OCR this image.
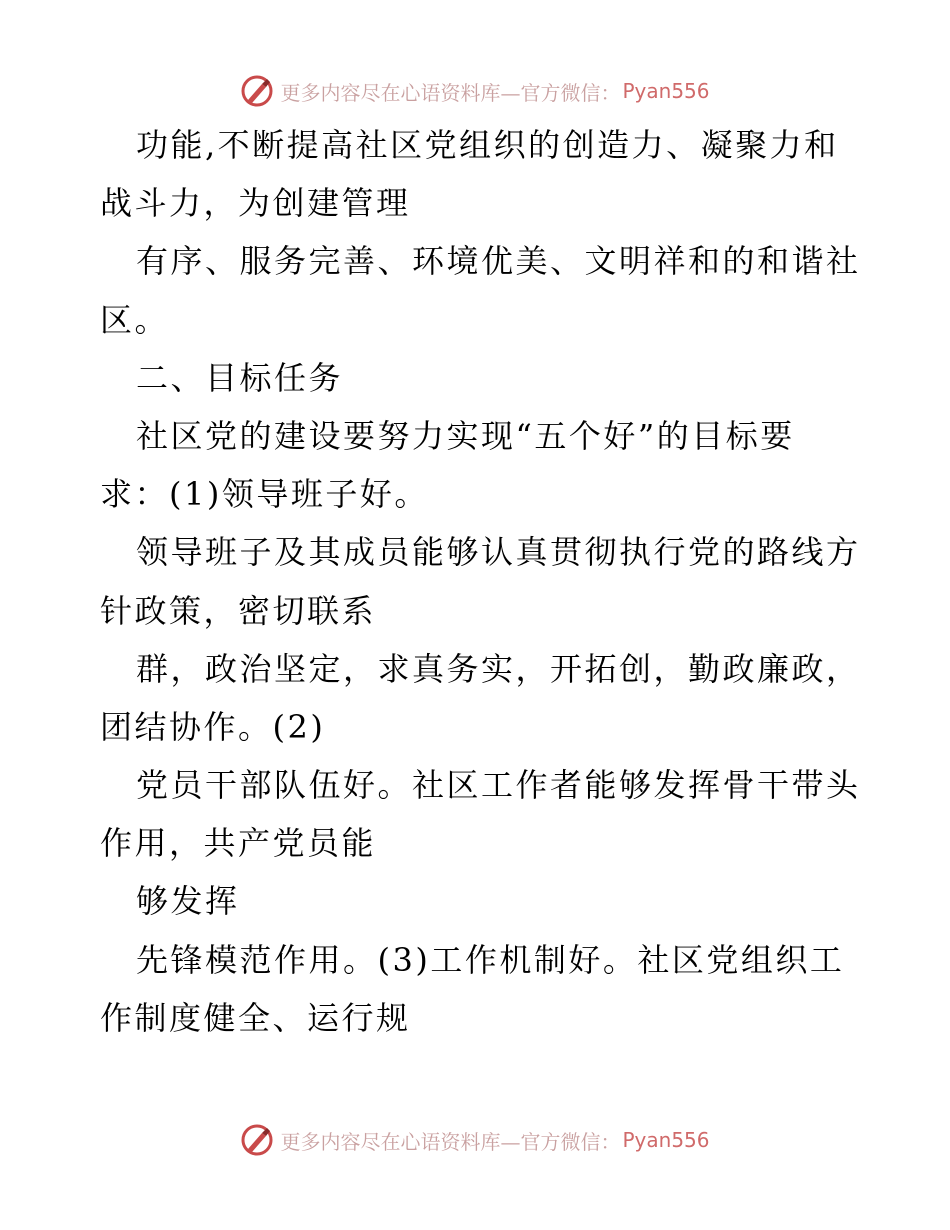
更多内容尽在心语资料库—官方微信： Pyan556
功能,不断提高社区党组织的创造力、凝聚力和
战斗力，为创建管理
有序、服务完善、环境优美、文明祥和的和谐社
区。
二、目标任务
社区党的建设要努力实现“五个好”的目标要
求：(1)领导班子好。
领导班子及其成员能够认真贯彻执行党的路线方
针政策，密切联系
群，政治坚定，求真务实，开拓创，勤政廉政，
团结协作。(2)
党员干部队伍好。社区工作者能够发挥骨干带头
作用，共产党员能
够发挥
先锋模范作用。(3)工作机制好。社区党组织工
作制度健全、运行规
更多内容尽在心语资料库—官方微信： Pyan556
